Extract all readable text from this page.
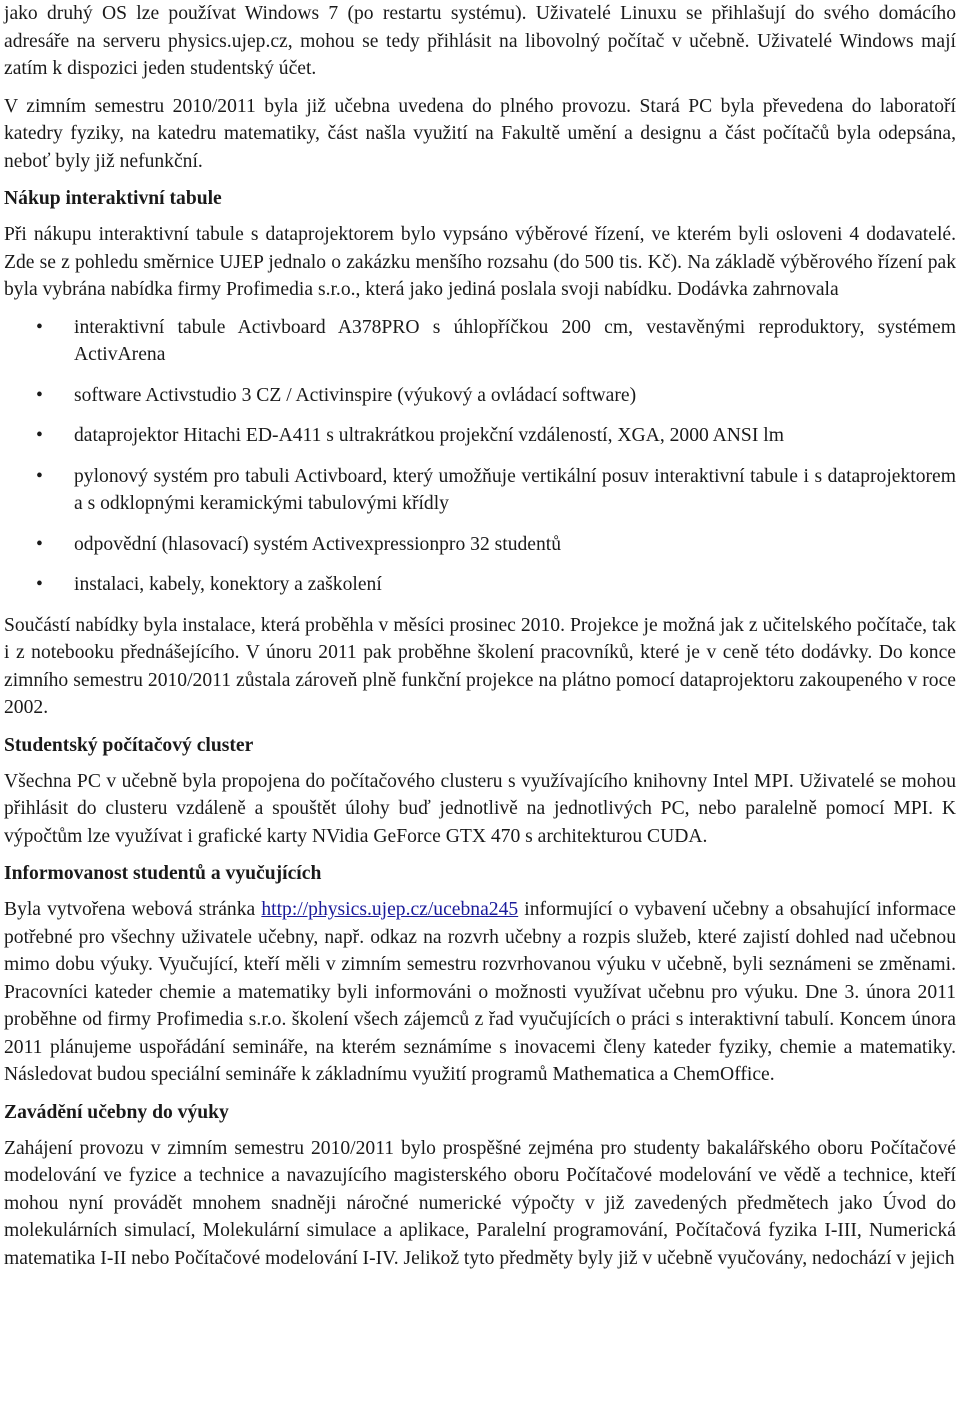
jako druhý OS lze používat Windows 7 (po restartu systému). Uživatelé Linuxu se přihlašují do svého domácího adresáře na serveru physics.ujep.cz, mohou se tedy přihlásit na libovolný počítač v učebně. Uživatelé Windows mají zatím k dispozici jeden studentský účet.

V zimním semestru 2010/2011 byla již učebna uvedena do plného provozu. Stará PC byla převedena do laboratoří katedry fyziky, na katedru matematiky, část našla využití na Fakultě umění a designu a část počítačů byla odepsána, neboť byly již nefunkční.

Nákup interaktivní tabule

Při nákupu interaktivní tabule s dataprojektorem bylo vypsáno výběrové řízení, ve kterém byli osloveni 4 dodavatelé. Zde se z pohledu směrnice UJEP jednalo o zakázku menšího rozsahu (do 500 tis. Kč). Na základě výběrového řízení pak byla vybrána nabídka firmy Profimedia s.r.o., která jako jediná poslala svoji nabídku. Dodávka zahrnovala

• interaktivní tabule Activboard A378PRO s úhlopříčkou 200 cm, vestavěnými reproduktory, systémem ActivArena
• software Activstudio 3 CZ / Activinspire (výukový a ovládací software)
• dataprojektor Hitachi ED-A411 s ultrakrátkou projekční vzdáleností, XGA, 2000 ANSI lm
• pylonový systém pro tabuli Activboard, který umožňuje vertikální posuv interaktivní tabule i s dataprojektorem a s odklopnými keramickými tabulovými křídly
• odpovědní (hlasovací) systém Activexpressionpro 32 studentů
• instalaci, kabely, konektory a zaškolení

Součástí nabídky byla instalace, která proběhla v měsíci prosinec 2010. Projekce je možná jak z učitelského počítače, tak i z notebooku přednášejícího. V únoru 2011 pak proběhne školení pracovníků, které je v ceně této dodávky. Do konce zimního semestru 2010/2011 zůstala zároveň plně funkční projekce na plátno pomocí dataprojektoru zakoupeného v roce 2002.

Studentský počítačový cluster

Všechna PC v učebně byla propojena do počítačového clusteru s využívajícího knihovny Intel MPI. Uživatelé se mohou přihlásit do clusteru vzdáleně a spouštět úlohy buď jednotlivě na jednotlivých PC, nebo paralelně pomocí MPI. K výpočtům lze využívat i grafické karty NVidia GeForce GTX 470 s architekturou CUDA.

Informovanost studentů a vyučujících

Byla vytvořena webová stránka http://physics.ujep.cz/ucebna245 informující o vybavení učebny a obsahující informace potřebné pro všechny uživatele učebny, např. odkaz na rozvrh učebny a rozpis služeb, které zajistí dohled nad učebnou mimo dobu výuky. Vyučující, kteří měli v zimním semestru rozvrhovanou výuku v učebně, byli seznámeni se změnami. Pracovníci kateder chemie a matematiky byli informováni o možnosti využívat učebnu pro výuku. Dne 3. února 2011 proběhne od firmy Profimedia s.r.o. školení všech zájemců z řad vyučujících o práci s interaktivní tabulí. Koncem února 2011 plánujeme uspořádání semináře, na kterém seznámíme s inovacemi členy kateder fyziky, chemie a matematiky. Následovat budou speciální semináře k základnímu využití programů Mathematica a ChemOffice.

Zavádění učebny do výuky

Zahájení provozu v zimním semestru 2010/2011 bylo prospěšné zejména pro studenty bakalářského oboru Počítačové modelování ve fyzice a technice a navazujícího magisterského oboru Počítačové modelování ve vědě a technice, kteří mohou nyní provádět mnohem snadněji náročné numerické výpočty v již zavedených předmětech jako Úvod do molekulárních simulací, Molekulární simulace a aplikace, Paralelní programování, Počítačová fyzika I-III, Numerická matematika I-II nebo Počítačové modelování I-IV. Jelikož tyto předměty byly již v učebně vyučovány, nedochází v jejich
